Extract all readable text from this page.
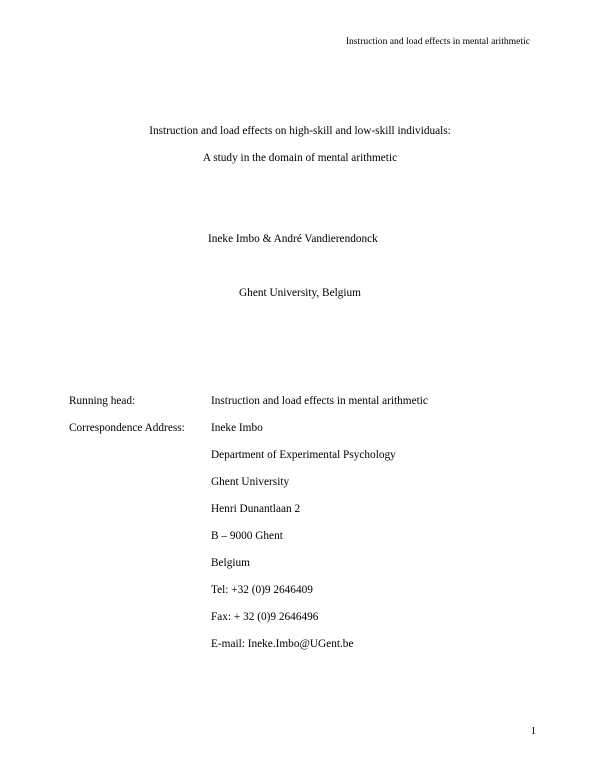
Instruction and load effects in mental arithmetic
Instruction and load effects on high-skill and low-skill individuals:
A study in the domain of mental arithmetic
Ineke Imbo & André Vandierendonck
Ghent University, Belgium
Running head:	Instruction and load effects in mental arithmetic
Correspondence Address: Ineke Imbo
Department of Experimental Psychology
Ghent University
Henri Dunantlaan 2
B – 9000 Ghent
Belgium
Tel: +32 (0)9 2646409
Fax: + 32 (0)9 2646496
E-mail: Ineke.Imbo@UGent.be
1
